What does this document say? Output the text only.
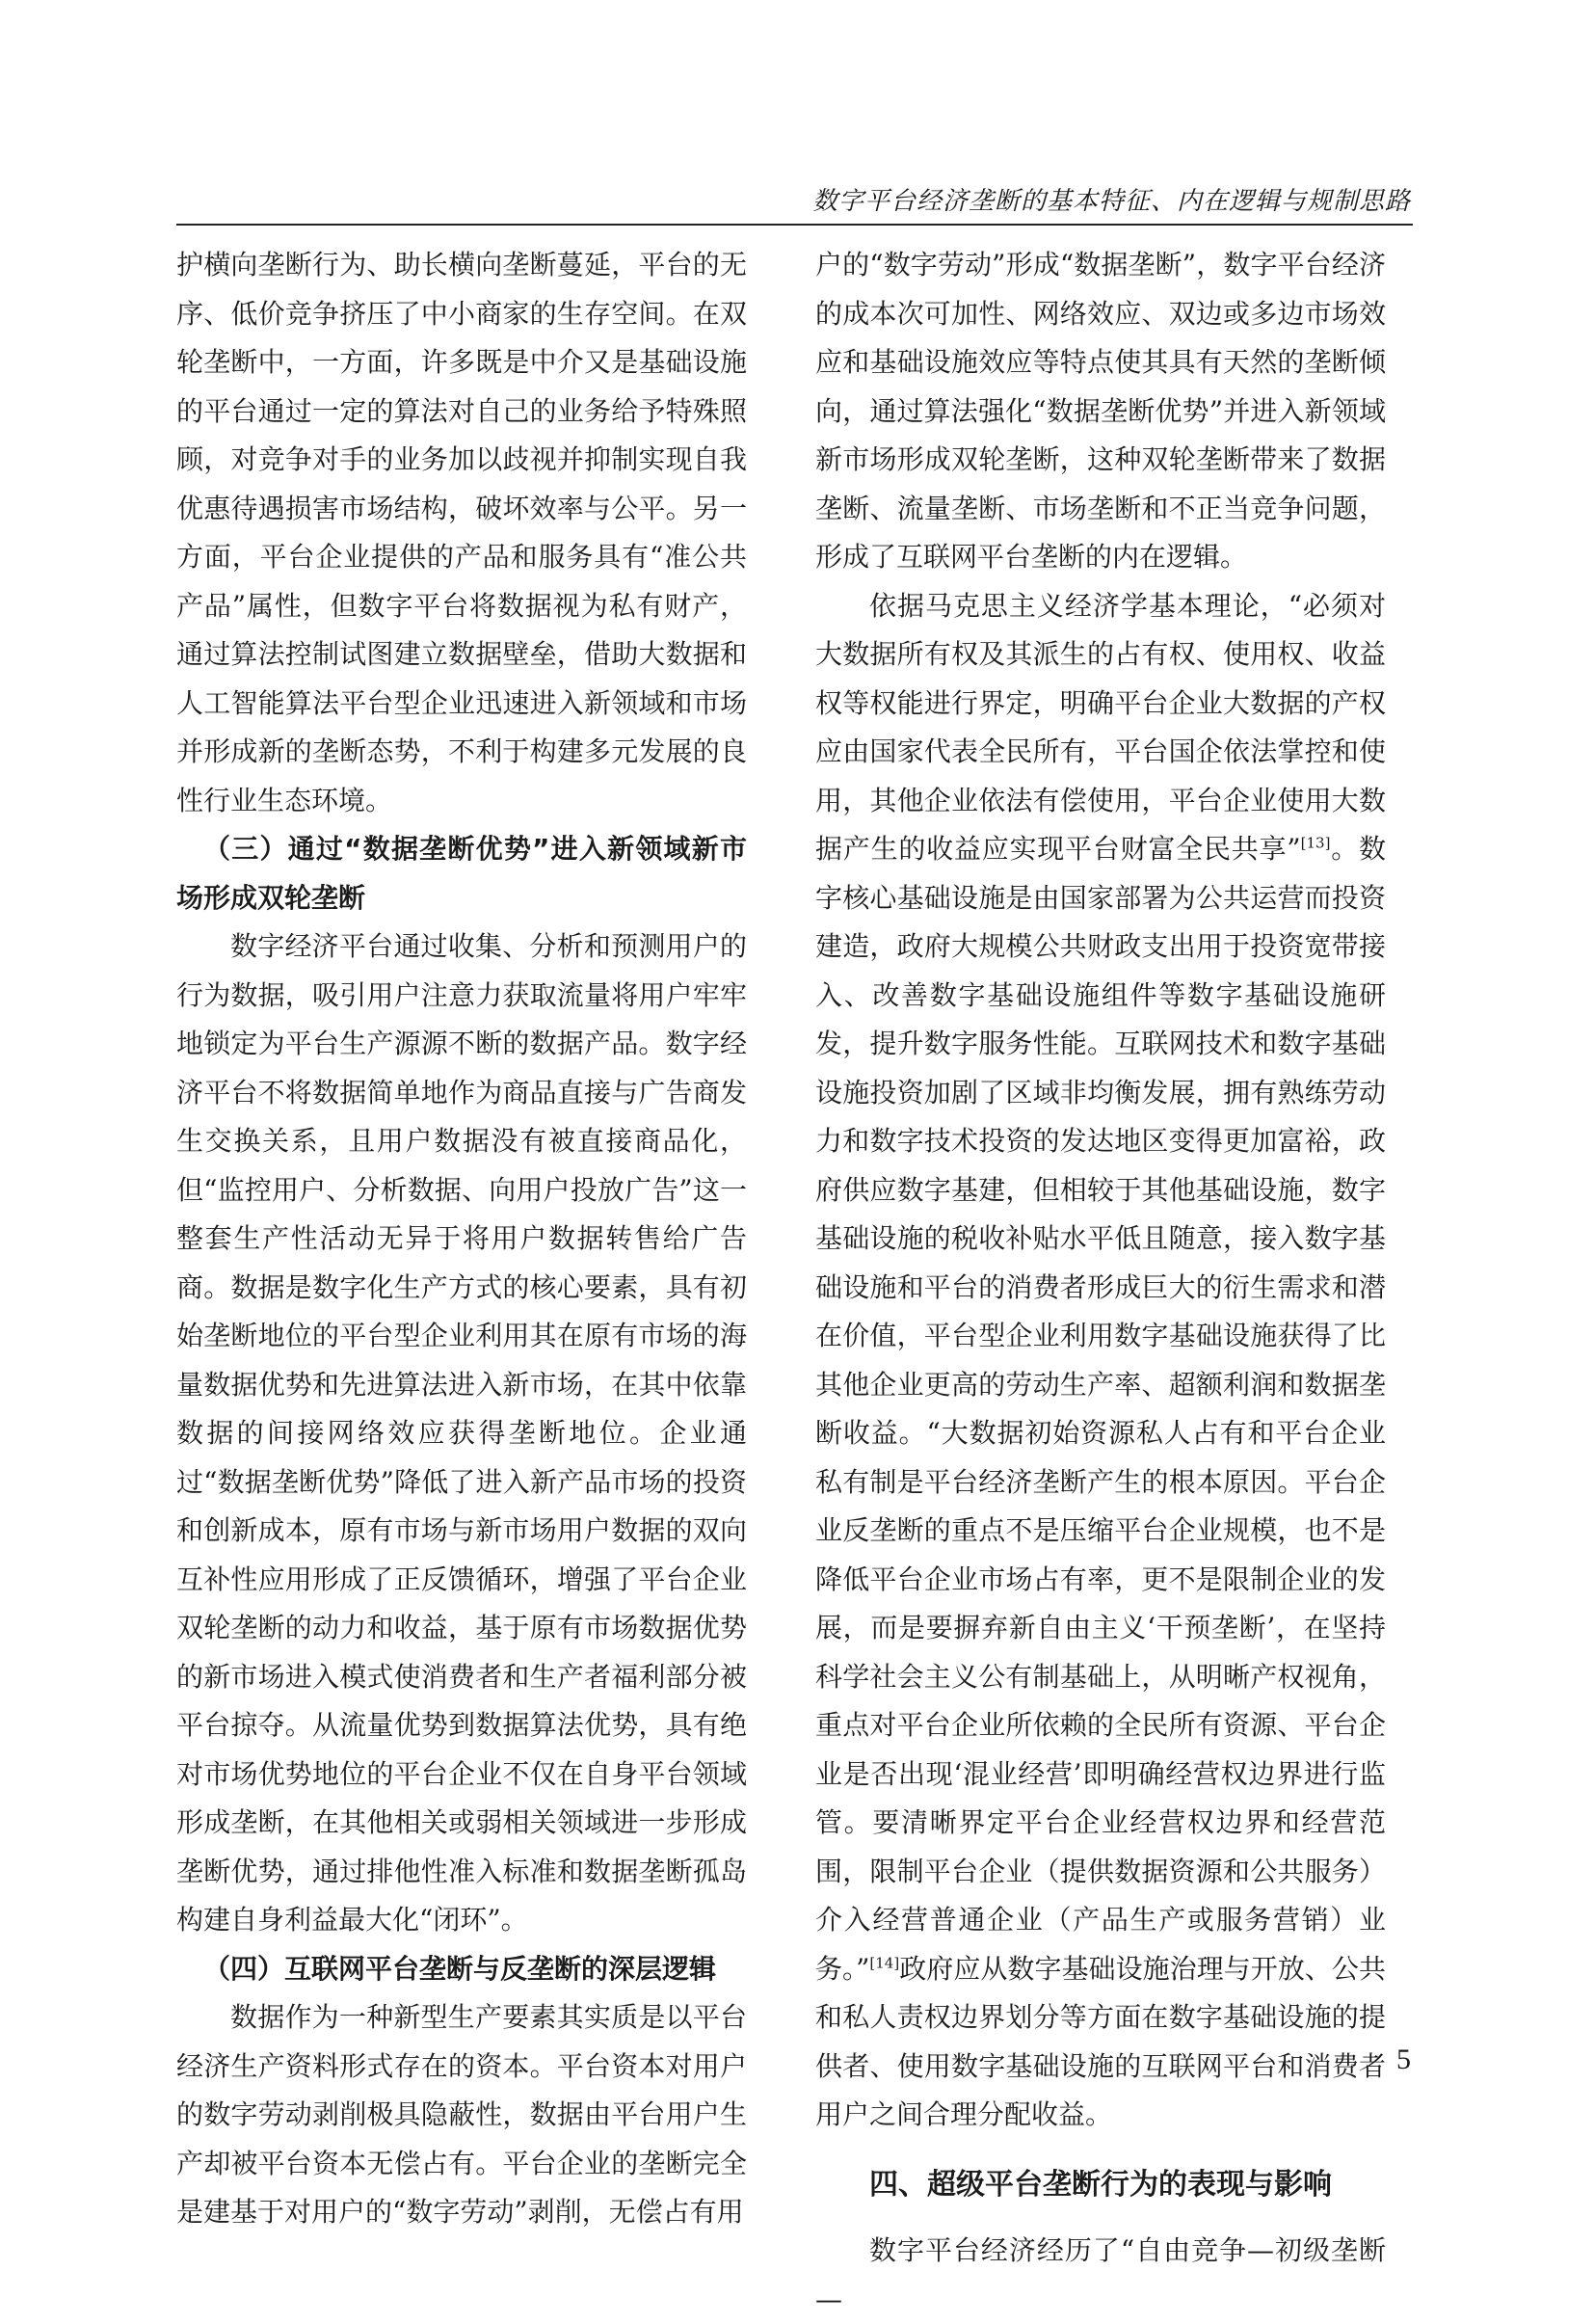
数字平台经济垄断的基本特征、内在逻辑与规制思路

护横向垄断行为、助长横向垄断蔓延，平台的无序、低价竞争挤压了中小商家的生存空间。在双轮垄断中，一方面，许多既是中介又是基础设施的平台通过一定的算法对自己的业务给予特殊照顾，对竞争对手的业务加以歧视并抑制实现自我优惠待遇损害市场结构，破坏效率与公平。另一方面，平台企业提供的产品和服务具有“准公共产品”属性，但数字平台将数据视为私有财产，通过算法控制试图建立数据壁垒，借助大数据和人工智能算法平台型企业迅速进入新领域和市场并形成新的垄断态势，不利于构建多元发展的良性行业生态环境。

（三）通过“数据垄断优势”进入新领域新市场形成双轮垄断

数字经济平台通过收集、分析和预测用户的行为数据，吸引用户注意力获取流量将用户牢牢地锁定为平台生产源源不断的数据产品。数字经济平台不将数据简单地作为商品直接与广告商发生交换关系，且用户数据没有被直接商品化，但“监控用户、分析数据、向用户投放广告”这一整套生产性活动无异于将用户数据转售给广告商。数据是数字化生产方式的核心要素，具有初始垄断地位的平台型企业利用其在原有市场的海量数据优势和先进算法进入新市场，在其中依靠数据的间接网络效应获得垄断地位。企业通过“数据垄断优势”降低了进入新产品市场的投资和创新成本，原有市场与新市场用户数据的双向互补性应用形成了正反馈循环，增强了平台企业双轮垄断的动力和收益，基于原有市场数据优势的新市场进入模式使消费者和生产者福利部分被平台掠夺。从流量优势到数据算法优势，具有绝对市场优势地位的平台企业不仅在自身平台领域形成垄断，在其他相关或弱相关领域进一步形成垄断优势，通过排他性准入标准和数据垄断孤岛构建自身利益最大化“闭环”。

（四）互联网平台垄断与反垄断的深层逻辑

数据作为一种新型生产要素其实质是以平台经济生产资料形式存在的资本。平台资本对用户的数字劳动剥削极具隐蔽性，数据由平台用户生产却被平台资本无偿占有。平台企业的垄断完全是建基于对用户的“数字劳动”剥削，无偿占有用

户的“数字劳动”形成“数据垄断”，数字平台经济的成本次可加性、网络效应、双边或多边市场效应和基础设施效应等特点使其具有天然的垄断倾向，通过算法强化“数据垄断优势”并进入新领域新市场形成双轮垄断，这种双轮垄断带来了数据垄断、流量垄断、市场垄断和不正当竞争问题，形成了互联网平台垄断的内在逻辑。

依据马克思主义经济学基本理论，“必须对大数据所有权及其派生的占有权、使用权、收益权等权能进行界定，明确平台企业大数据的产权应由国家代表全民所有，平台国企依法掌控和使用，其他企业依法有偿使用，平台企业使用大数据产生的收益应实现平台财富全民共享”[13]。数字核心基础设施是由国家部署为公共运营而投资建造，政府大规模公共财政支出用于投资宽带接入、改善数字基础设施组件等数字基础设施研发，提升数字服务性能。互联网技术和数字基础设施投资加剧了区域非均衡发展，拥有熟练劳动力和数字技术投资的发达地区变得更加富裕，政府供应数字基建，但相较于其他基础设施，数字基础设施的税收补贴水平低且随意，接入数字基础设施和平台的消费者形成巨大的衍生需求和潜在价值，平台型企业利用数字基础设施获得了比其他企业更高的劳动生产率、超额利润和数据垄断收益。“大数据初始资源私人占有和平台企业私有制是平台经济垄断产生的根本原因。平台企业反垄断的重点不是压缩平台企业规模，也不是降低平台企业市场占有率，更不是限制企业的发展，而是要摒弃新自由主义‘干预垄断’，在坚持科学社会主义公有制基础上，从明晰产权视角，重点对平台企业所依赖的全民所有资源、平台企业是否出现‘混业经营’即明确经营权边界进行监管。要清晰界定平台企业经营权边界和经营范围，限制平台企业（提供数据资源和公共服务）介入经营普通企业（产品生产或服务营销）业务。”[14]政府应从数字基础设施治理与开放、公共和私人责权边界划分等方面在数字基础设施的提供者、使用数字基础设施的互联网平台和消费者用户之间合理分配收益。

四、超级平台垄断行为的表现与影响

数字平台经济经历了“自由竞争—初级垄断—

5
